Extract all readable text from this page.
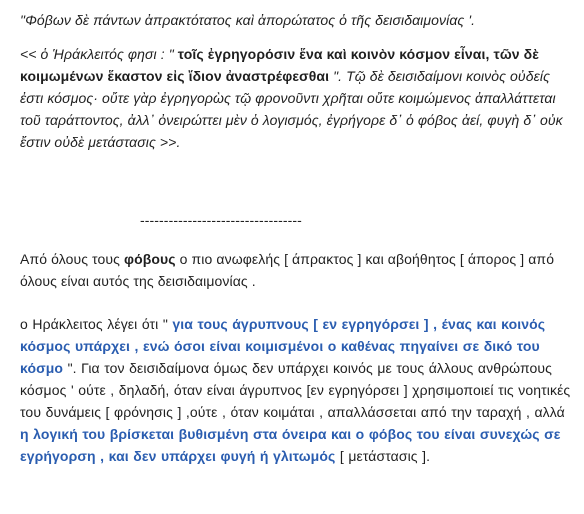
"Φόβων δὲ πάντων ἀπρακτότατος καὶ ἀπορώτατος ὁ τῆς δεισιδαιμονίας '.

<< ὁ Ἡράκλειτός φησι : " τοῖς ἐγρηγορόσιν ἕνα καὶ κοινὸν κόσμον εἶναι, τῶν δὲ κοιμωμένων ἕκαστον εἰς ἴδιον ἀναστρέφεσθαι ". Τῷ δὲ δεισιδαίμονι κοινὸς οὐδείς ἐστι κόσμος· οὔτε γὰρ ἐγρηγορὼς τῷ φρονοῦντι χρῆται οὔτε κοιμώμενος ἀπαλλάττεται τοῦ ταράττοντος, ἀλλ᾽ ὀνειρώττει μὲν ὁ λογισμός, ἐγρήγορε δ᾽ ὁ φόβος ἀεί, φυγὴ δ᾽ οὐκ ἔστιν οὐδὲ μετάστασις >>.

----------------------------------

Από όλους τους φόβους ο πιο ανωφελής [ άπρακτος ] και αβοήθητος [ άπορος ] από όλους είναι αυτός της δεισιδαιμονίας .

ο Ηράκλειτος λέγει ότι " για τους άγρυπνους [ εν εγρηγόρσει ] , ένας και κοινός κόσμος υπάρχει , ενώ όσοι είναι κοιμισμένοι ο καθένας πηγαίνει σε δικό του κόσμο ". Για τον δεισιδαίμονα όμως δεν υπάρχει κοινός με τους άλλους ανθρώπους κόσμος ' ούτε , δηλαδή, όταν είναι άγρυπνος [εν εγρηγόρσει ] χρησιμοποιεί τις νοητικές του δυνάμεις [ φρόνησις ] ,ούτε , όταν κοιμάται , απαλλάσσεται από την ταραχή , αλλά η λογική του βρίσκεται βυθισμένη στα όνειρα και ο φόβος του είναι συνεχώς σε εγρήγορση , και δεν υπάρχει φυγή ή γλιτωμός [ μετάστασις ].
